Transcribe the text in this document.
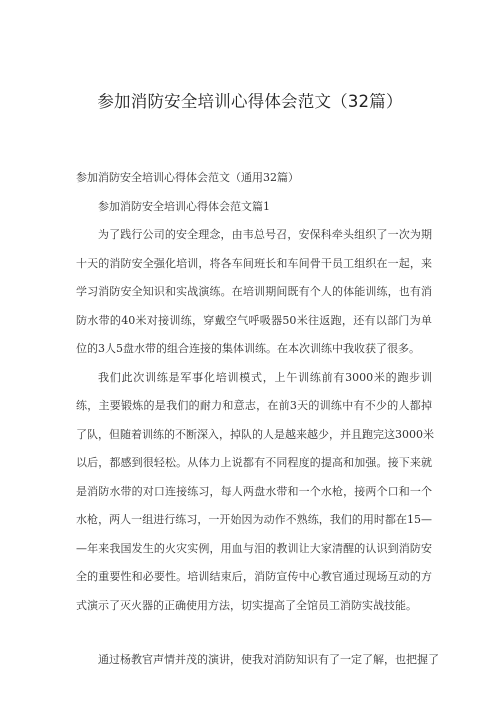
参加消防安全培训心得体会范文（32篇）
参加消防安全培训心得体会范文（通用32篇）
参加消防安全培训心得体会范文篇1
为了践行公司的安全理念，由韦总号召，安保科牵头组织了一次为期
十天的消防安全强化培训，将各车间班长和车间骨干员工组织在一起，来
学习消防安全知识和实战演练。在培训期间既有个人的体能训练，也有消
防水带的40米对接训练，穿戴空气呼吸器50米往返跑，还有以部门为单
位的3人5盘水带的组合连接的集体训练。在本次训练中我收获了很多。
我们此次训练是军事化培训模式，上午训练前有3000米的跑步训
练，主要锻炼的是我们的耐力和意志，在前3天的训练中有不少的人都掉
了队，但随着训练的不断深入，掉队的人是越来越少，并且跑完这3000米
以后，都感到很轻松。从体力上说都有不同程度的提高和加强。接下来就
是消防水带的对口连接练习，每人两盘水带和一个水枪，接两个口和一个
水枪，两人一组进行练习，一开始因为动作不熟练，我们的用时都在15—
—年来我国发生的火灾实例，用血与泪的教训让大家清醒的认识到消防安
全的重要性和必要性。培训结束后，消防宣传中心教官通过现场互动的方
式演示了灭火器的正确使用方法，切实提高了全馆员工消防实战技能。
通过杨教官声情并茂的演讲，使我对消防知识有了一定了解，也把握了
